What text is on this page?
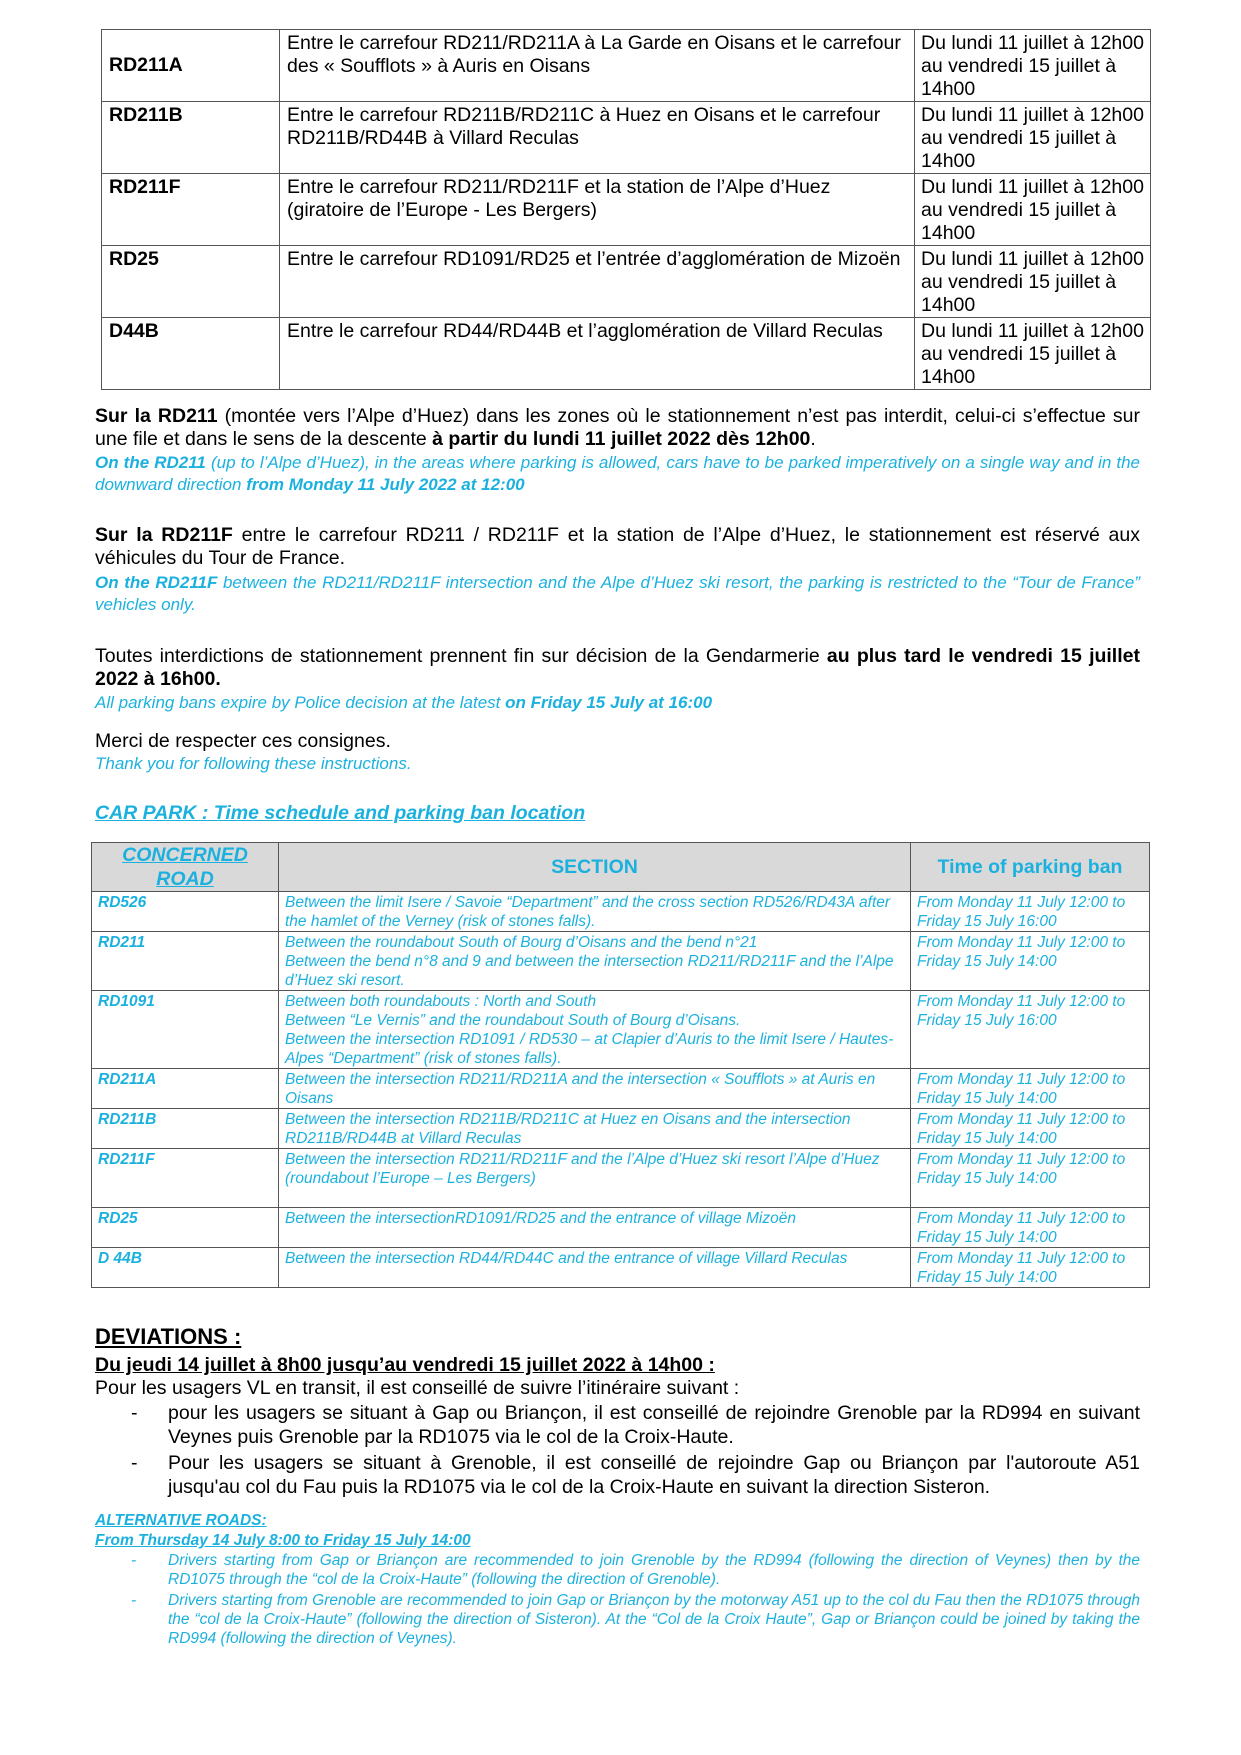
RD211A	Entre le carrefour RD211/RD211A à La Garde en Oisans et le carrefour des « Soufflots » à Auris en Oisans	Du lundi 11 juillet à 12h00 au vendredi 15 juillet à 14h00
RD211B	Entre le carrefour RD211B/RD211C à Huez en Oisans et le carrefour RD211B/RD44B à Villard Reculas	Du lundi 11 juillet à 12h00 au vendredi 15 juillet à 14h00
RD211F	Entre le carrefour RD211/RD211F et la station de l’Alpe d’Huez (giratoire de l’Europe - Les Bergers)	Du lundi 11 juillet à 12h00 au vendredi 15 juillet à 14h00
RD25	Entre le carrefour RD1091/RD25 et l’entrée d’agglomération de Mizoën	Du lundi 11 juillet à 12h00 au vendredi 15 juillet à 14h00
D44B	Entre le carrefour RD44/RD44B et l’agglomération de Villard Reculas	Du lundi 11 juillet à 12h00 au vendredi 15 juillet à 14h00
Sur la RD211 (montée vers l’Alpe d’Huez) dans les zones où le stationnement n’est pas interdit, celui-ci s’effectue sur une file et dans le sens de la descente à partir du lundi 11 juillet 2022 dès 12h00.
On the RD211 (up to l’Alpe d’Huez), in the areas where parking is allowed, cars have to be parked imperatively on a single way and in the downward direction from Monday 11 July 2022 at 12:00
Sur la RD211F entre le carrefour RD211 / RD211F et la station de l’Alpe d’Huez, le stationnement est réservé aux véhicules du Tour de France.
On the RD211F between the RD211/RD211F intersection and the Alpe d’Huez ski resort, the parking is restricted to the “Tour de France” vehicles only.
Toutes interdictions de stationnement prennent fin sur décision de la Gendarmerie au plus tard le vendredi 15 juillet 2022 à 16h00.
All parking bans expire by Police decision at the latest on Friday 15 July at 16:00
Merci de respecter ces consignes.
Thank you for following these instructions.
CAR PARK : Time schedule and parking ban location
CONCERNED ROAD	SECTION	Time of parking ban
RD526	Between the limit Isere / Savoie “Department” and the cross section RD526/RD43A after the hamlet of the Verney (risk of stones falls).	From Monday 11 July 12:00 to Friday 15 July 16:00
RD211	Between the roundabout South of Bourg d’Oisans and the bend n°21
Between the bend n°8 and 9 and between the intersection RD211/RD211F and the l’Alpe d’Huez ski resort.	From Monday 11 July 12:00 to Friday 15 July 14:00
RD1091	Between both roundabouts : North and South
Between “Le Vernis” and the roundabout South of Bourg d’Oisans.
Between the intersection RD1091 / RD530 – at Clapier d’Auris to the limit Isere / Hautes-Alpes “Department” (risk of stones falls).	From Monday 11 July 12:00 to Friday 15 July 16:00
RD211A	Between the intersection RD211/RD211A and the intersection « Soufflots » at Auris en Oisans	From Monday 11 July 12:00 to Friday 15 July 14:00
RD211B	Between the intersection RD211B/RD211C at Huez en Oisans and the intersection RD211B/RD44B at Villard Reculas	From Monday 11 July 12:00 to Friday 15 July 14:00
RD211F	Between the intersection RD211/RD211F and the l’Alpe d’Huez ski resort l’Alpe d’Huez (roundabout l’Europe – Les Bergers)	From Monday 11 July 12:00 to Friday 15 July 14:00
RD25	Between the intersectionRD1091/RD25 and the entrance of village Mizoën	From Monday 11 July 12:00 to Friday 15 July 14:00
D 44B	Between the intersection RD44/RD44C and the entrance of village Villard Reculas	From Monday 11 July 12:00 to Friday 15 July 14:00
DEVIATIONS :
Du jeudi 14 juillet à 8h00 jusqu’au vendredi 15 juillet 2022 à 14h00 :
Pour les usagers VL en transit, il est conseillé de suivre l’itinéraire suivant :
- pour les usagers se situant à Gap ou Briançon, il est conseillé de rejoindre Grenoble par la RD994 en suivant Veynes puis Grenoble par la RD1075 via le col de la Croix-Haute.
- Pour les usagers se situant à Grenoble, il est conseillé de rejoindre Gap ou Briançon par l'autoroute A51 jusqu'au col du Fau puis la RD1075 via le col de la Croix-Haute en suivant la direction Sisteron.
ALTERNATIVE ROADS:
From Thursday 14 July 8:00 to Friday 15 July 14:00
- Drivers starting from Gap or Briançon are recommended to join Grenoble by the RD994 (following the direction of Veynes) then by the RD1075 through the “col de la Croix-Haute” (following the direction of Grenoble).
- Drivers starting from Grenoble are recommended to join Gap or Briançon by the motorway A51 up to the col du Fau then the RD1075 through the “col de la Croix-Haute” (following the direction of Sisteron). At the “Col de la Croix Haute”, Gap or Briançon could be joined by taking the RD994 (following the direction of Veynes).
